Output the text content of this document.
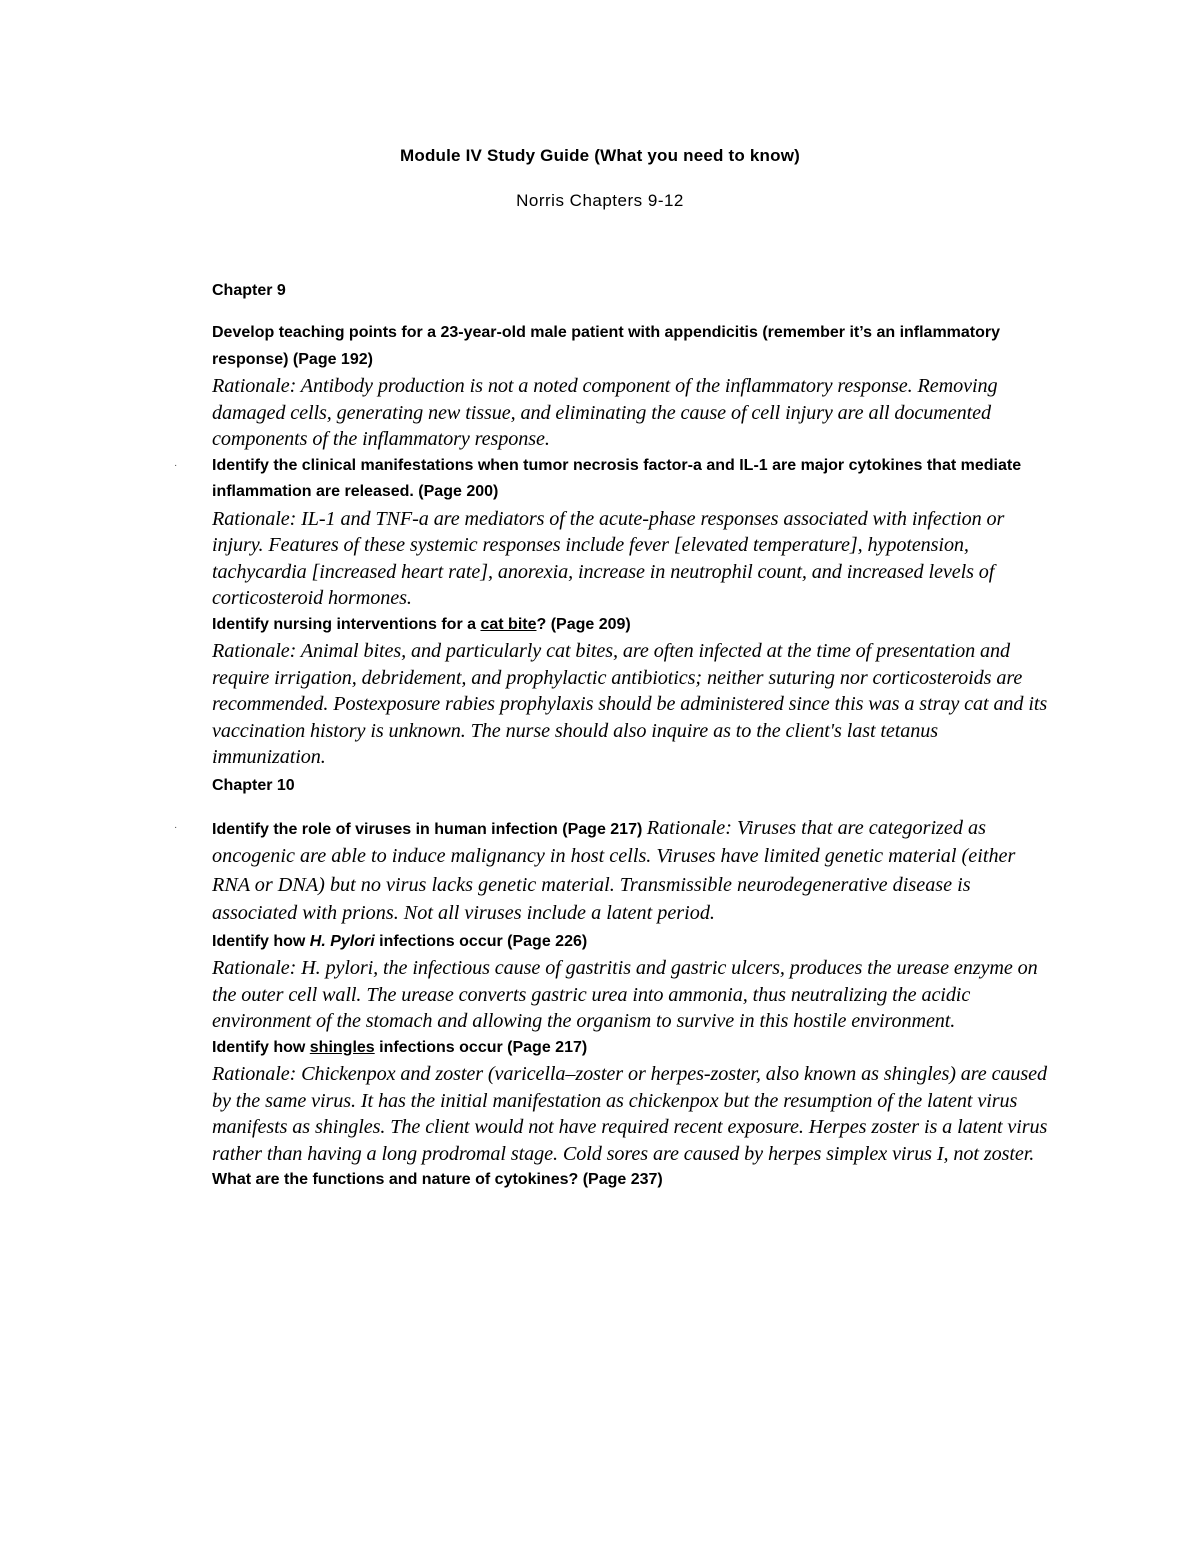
Module IV Study Guide (What you need to know)
Norris Chapters 9-12
Chapter 9
Develop teaching points for a 23-year-old male patient with appendicitis (remember it’s an inflammatory response) (Page 192)
Rationale: Antibody production is not a noted component of the inflammatory response. Removing damaged cells, generating new tissue, and eliminating the cause of cell injury are all documented components of the inflammatory response.
· Identify the clinical manifestations when tumor necrosis factor-a and IL-1 are major cytokines that mediate inflammation are released. (Page 200)
Rationale: IL-1 and TNF-a are mediators of the acute-phase responses associated with infection or injury. Features of these systemic responses include fever [elevated temperature], hypotension, tachycardia [increased heart rate], anorexia, increase in neutrophil count, and increased levels of corticosteroid hormones.
Identify nursing interventions for a cat bite? (Page 209)
Rationale: Animal bites, and particularly cat bites, are often infected at the time of presentation and require irrigation, debridement, and prophylactic antibiotics; neither suturing nor corticosteroids are recommended. Postexposure rabies prophylaxis should be administered since this was a stray cat and its vaccination history is unknown. The nurse should also inquire as to the client's last tetanus immunization.
Chapter 10
· Identify the role of viruses in human infection (Page 217) Rationale: Viruses that are categorized as oncogenic are able to induce malignancy in host cells. Viruses have limited genetic material (either RNA or DNA) but no virus lacks genetic material. Transmissible neurodegenerative disease is associated with prions. Not all viruses include a latent period.
Identify how H. Pylori infections occur (Page 226)
Rationale: H. pylori, the infectious cause of gastritis and gastric ulcers, produces the urease enzyme on the outer cell wall. The urease converts gastric urea into ammonia, thus neutralizing the acidic environment of the stomach and allowing the organism to survive in this hostile environment.
Identify how shingles infections occur (Page 217)
Rationale: Chickenpox and zoster (varicella–zoster or herpes-zoster, also known as shingles) are caused by the same virus. It has the initial manifestation as chickenpox but the resumption of the latent virus manifests as shingles. The client would not have required recent exposure. Herpes zoster is a latent virus rather than having a long prodromal stage. Cold sores are caused by herpes simplex virus I, not zoster.
What are the functions and nature of cytokines? (Page 237)
